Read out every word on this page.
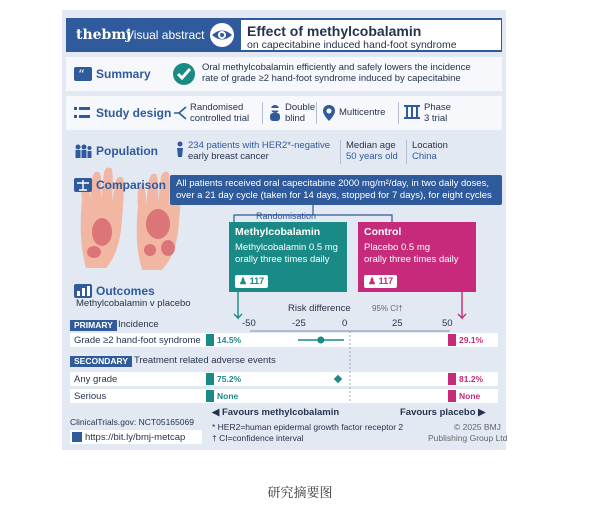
thebmj
Visual abstract	Effect of methylcobalamin
on capecitabine induced hand-foot syndrome
“ Summary	Oral methylcobalamin efficiently and safely lowers the incidence
rate of grade ≥2 hand-foot syndrome induced by capecitabine
Study design Randomised
controlled trial
Double
blind
Multicentre	Phase
3 trial
Population	234 patients with HER2*-negative
early breast cancer
Median age
50 years old
Location
China
Comparison All patients received oral capecitabine 2000 mg/m²/day, in two daily doses,
over a 21 day cycle (taken for 14 days, stopped for 7 days), for eight cycles
Randomisation
Methylcobalamin
Methylcobalamin 0.5 mg
orally three times daily
♟ 117
Control
Placebo 0.5 mg
orally three times daily
♟ 117
Outcomes
Methylcobalamin v placebo	Risk difference	95% CI†
PRIMARY Incidence	-50	-25	0	25	50
Grade ≥2 hand-foot syndrome	14.5%	29.1%
SECONDARY Treatment related adverse events
Any grade	75.2%	81.2%
Serious	None	None
◀ Favours methylcobalamin	Favours placebo ▶
ClinicalTrials.gov: NCT05165069
https://bit.ly/bmj-metcap
* HER2=human epidermal growth factor receptor 2
† CI=confidence interval
© 2025 BMJ
Publishing Group Ltd
研究摘要图
